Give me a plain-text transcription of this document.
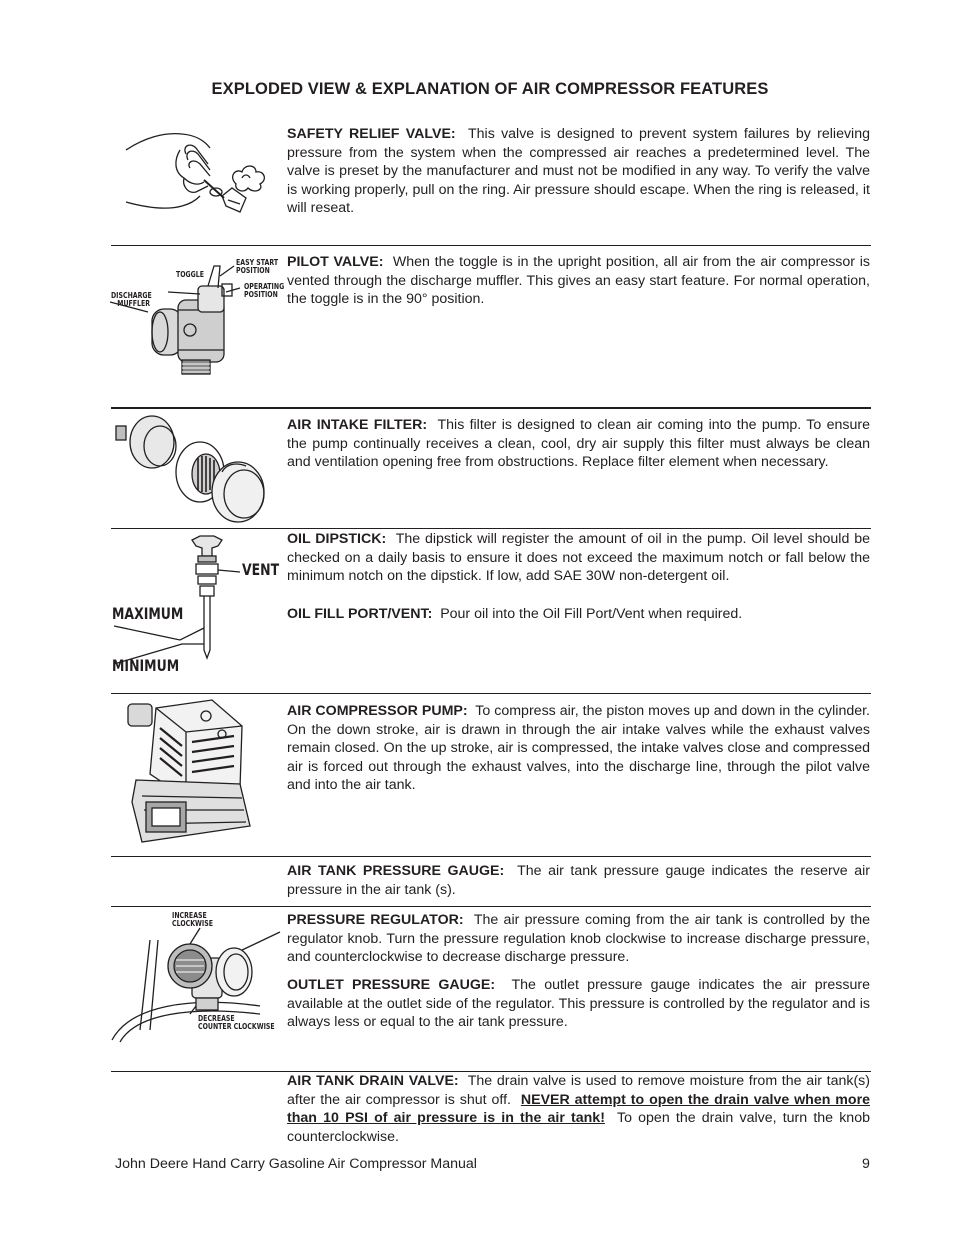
EXPLODED VIEW & EXPLANATION OF AIR COMPRESSOR FEATURES

SAFETY RELIEF VALVE: This valve is designed to prevent system failures by relieving pressure from the system when the compressed air reaches a predetermined level. The valve is preset by the manufacturer and must not be modified in any way. To verify the valve is working properly, pull on the ring. Air pressure should escape. When the ring is released, it will reseat.

EASY START
POSITION
TOGGLE
OPERATING
POSITION
DISCHARGE
MUFFLER

PILOT VALVE: When the toggle is in the upright position, all air from the air compressor is vented through the discharge muffler. This gives an easy start feature. For normal operation, the toggle is in the 90° position.

AIR INTAKE FILTER: This filter is designed to clean air coming into the pump. To ensure the pump continually receives a clean, cool, dry air supply this filter must always be clean and ventilation opening free from obstructions. Replace filter element when necessary.

VENT
MAXIMUM
MINIMUM

OIL DIPSTICK: The dipstick will register the amount of oil in the pump. Oil level should be checked on a daily basis to ensure it does not exceed the maximum notch or fall below the minimum notch on the dipstick. If low, add SAE 30W non-detergent oil.

OIL FILL PORT/VENT: Pour oil into the Oil Fill Port/Vent when required.

AIR COMPRESSOR PUMP: To compress air, the piston moves up and down in the cylinder. On the down stroke, air is drawn in through the air intake valves while the exhaust valves remain closed. On the up stroke, air is compressed, the intake valves close and compressed air is forced out through the exhaust valves, into the discharge line, through the pilot valve and into the air tank.

AIR TANK PRESSURE GAUGE: The air tank pressure gauge indicates the reserve air pressure in the air tank (s).

INCREASE
CLOCKWISE
DECREASE
COUNTER CLOCKWISE

PRESSURE REGULATOR: The air pressure coming from the air tank is controlled by the regulator knob. Turn the pressure regulation knob clockwise to increase discharge pressure, and counterclockwise to decrease discharge pressure.

OUTLET PRESSURE GAUGE: The outlet pressure gauge indicates the air pressure available at the outlet side of the regulator. This pressure is controlled by the regulator and is always less or equal to the air tank pressure.

AIR TANK DRAIN VALVE: The drain valve is used to remove moisture from the air tank(s) after the air compressor is shut off. NEVER attempt to open the drain valve when more than 10 PSI of air pressure is in the air tank! To open the drain valve, turn the knob counterclockwise.

John Deere Hand Carry Gasoline Air Compressor Manual	9
